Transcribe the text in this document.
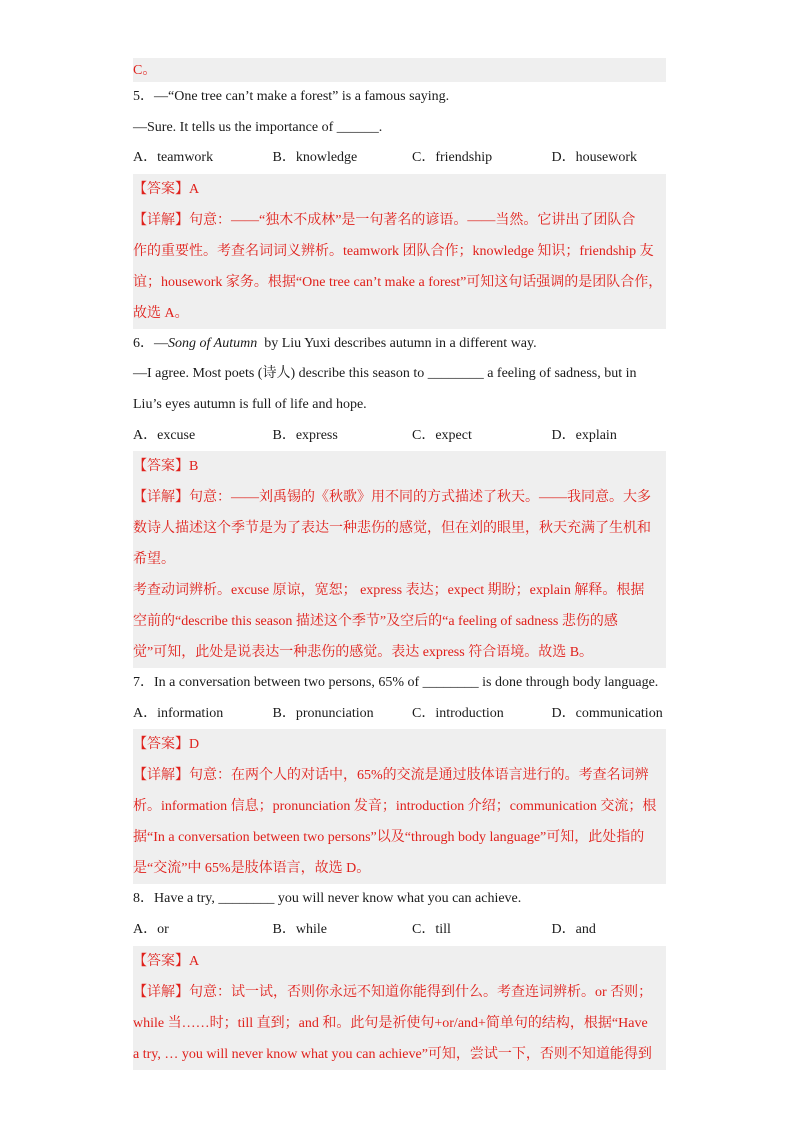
C。
5．—“One tree can’t make a forest” is a famous saying.
—Sure. It tells us the importance of ______.
A．teamwork	B．knowledge	C．friendship	D．housework
【答案】A
【详解】句意：——“独木不成林”是一句著名的谚语。——当然。它讲出了团队合
作的重要性。考查名词词义辨析。teamwork 团队合作；knowledge 知识；friendship 友
谊；housework 家务。根据“One tree can’t make a forest”可知这句话强调的是团队合作，
故选 A。
6．—Song of Autumn  by Liu Yuxi describes autumn in a different way.
—I agree. Most poets (诗人) describe this season to ________ a feeling of sadness, but in
Liu’s eyes autumn is full of life and hope.
A．excuse	B．express	C．expect	D．explain
【答案】B
【详解】句意：——刘禹锡的《秋歌》用不同的方式描述了秋天。——我同意。大多
数诗人描述这个季节是为了表达一种悲伤的感觉，但在刘的眼里，秋天充满了生机和
希望。
考查动词辨析。excuse 原谅，宽恕； express 表达；expect 期盼；explain 解释。根据
空前的“describe this season 描述这个季节”及空后的“a feeling of sadness 悲伤的感
觉”可知，此处是说表达一种悲伤的感觉。表达 express 符合语境。故选 B。
7．In a conversation between two persons, 65% of ________ is done through body language.
A．information	B．pronunciation	C．introduction	D．communication
【答案】D
【详解】句意：在两个人的对话中，65%的交流是通过肢体语言进行的。考查名词辨
析。information 信息；pronunciation 发音；introduction 介绍；communication 交流；根
据“In a conversation between two persons”以及“through body language”可知，此处指的
是“交流”中 65%是肢体语言，故选 D。
8．Have a try, ________ you will never know what you can achieve.
A．or	B．while	C．till	D．and
【答案】A
【详解】句意：试一试，否则你永远不知道你能得到什么。考查连词辨析。or 否则；
while 当……时；till 直到；and 和。此句是祈使句+or/and+简单句的结构，根据“Have
a try, … you will never know what you can achieve”可知，尝试一下，否则不知道能得到
